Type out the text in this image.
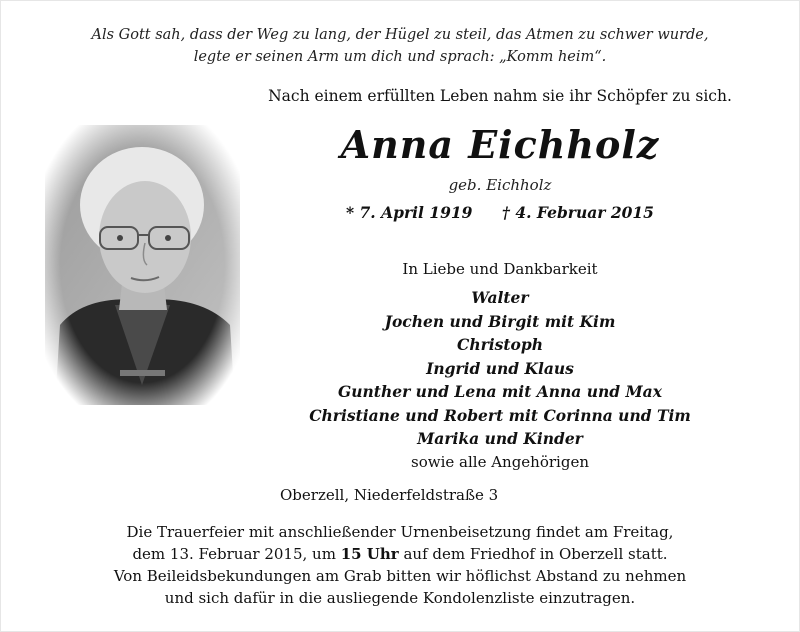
Als Gott sah, dass der Weg zu lang, der Hügel zu steil, das Atmen zu schwer wurde,
legte er seinen Arm um dich und sprach: „Komm heim“.
Nach einem erfüllten Leben nahm sie ihr Schöpfer zu sich.
Anna Eichholz
geb. Eichholz
* 7. April 1919 † 4. Februar 2015
In Liebe und Dankbarkeit
Walter
Jochen und Birgit mit Kim
Christoph
Ingrid und Klaus
Gunther und Lena mit Anna und Max
Christiane und Robert mit Corinna und Tim
Marika und Kinder
sowie alle Angehörigen
Oberzell, Niederfeldstraße 3
Die Trauerfeier mit anschließender Urnenbeisetzung findet am Freitag,
dem 13. Februar 2015, um 15 Uhr auf dem Friedhof in Oberzell statt.
Von Beileidsbekundungen am Grab bitten wir höflichst Abstand zu nehmen
und sich dafür in die ausliegende Kondolenzliste einzutragen.
